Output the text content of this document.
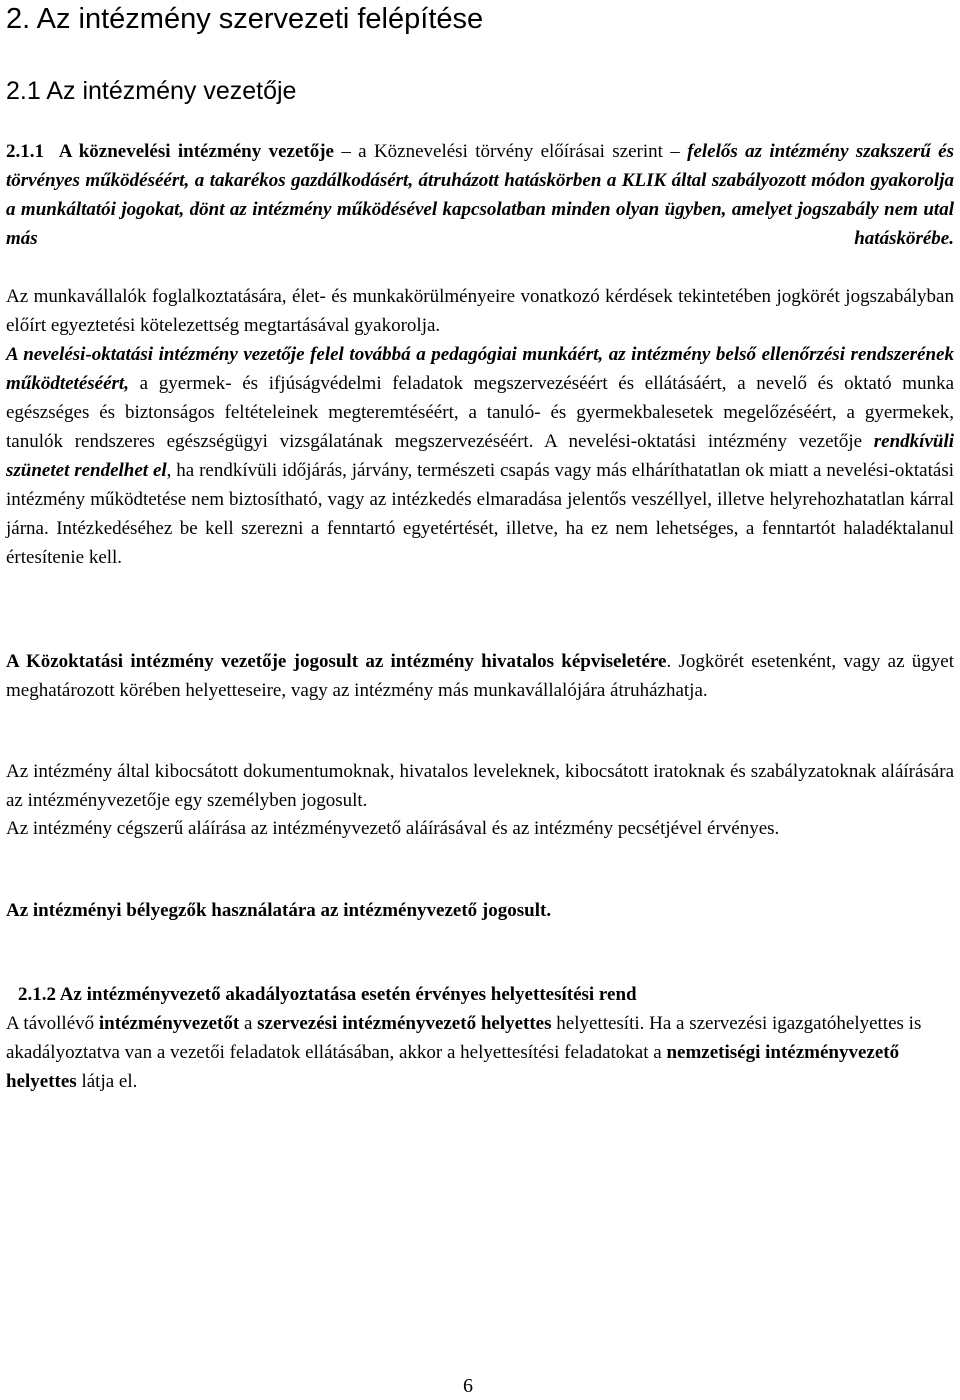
2. Az intézmény szervezeti felépítése
2.1 Az intézmény vezetője

2.1.1 A köznevelési intézmény vezetője – a Köznevelési törvény előírásai szerint – felelős az intézmény szakszerű és törvényes működéséért, a takarékos gazdálkodásért, átruházott hatáskörben a KLIK által szabályozott módon gyakorolja a munkáltatói jogokat, dönt az intézmény működésével kapcsolatban minden olyan ügyben, amelyet jogszabály nem utal más hatáskörébe.

Az munkavállalók foglalkoztatására, élet- és munkakörülményeire vonatkozó kérdések tekintetében jogkörét jogszabályban előírt egyeztetési kötelezettség megtartásával gyakorolja.

A nevelési-oktatási intézmény vezetője felel továbbá a pedagógiai munkáért, az intézmény belső ellenőrzési rendszerének működtetéséért, a gyermek- és ifjúságvédelmi feladatok megszervezéséért és ellátásáért, a nevelő és oktató munka egészséges és biztonságos feltételeinek megteremtéséért, a tanuló- és gyermekbalesetek megelőzéséért, a gyermekek, tanulók rendszeres egészségügyi vizsgálatának megszervezéséért. A nevelési-oktatási intézmény vezetője rendkívüli szünetet rendelhet el, ha rendkívüli időjárás, járvány, természeti csapás vagy más elháríthatatlan ok miatt a nevelési-oktatási intézmény működtetése nem biztosítható, vagy az intézkedés elmaradása jelentős veszéllyel, illetve helyrehozhatatlan kárral járna. Intézkedéséhez be kell szerezni a fenntartó egyetértését, illetve, ha ez nem lehetséges, a fenntartót haladéktalanul értesítenie kell.

A Közoktatási intézmény vezetője jogosult az intézmény hivatalos képviseletére. Jogkörét esetenként, vagy az ügyet meghatározott körében helyetteseire, vagy az intézmény más munkavállalójára átruházhatja.

Az intézmény által kibocsátott dokumentumoknak, hivatalos leveleknek, kibocsátott iratoknak és szabályzatoknak aláírására az intézményvezetője egy személyben jogosult.

Az intézmény cégszerű aláírása az intézményvezető aláírásával és az intézmény pecsétjével érvényes.

Az intézményi bélyegzők használatára az intézményvezető jogosult.

2.1.2 Az intézményvezető akadályoztatása esetén érvényes helyettesítési rend

A távollévő intézményvezetőt a szervezési intézményvezető helyettes helyettesíti. Ha a szervezési igazgatóhelyettes is akadályoztatva van a vezetői feladatok ellátásában, akkor a helyettesítési feladatokat a nemzetiségi intézményvezető helyettes látja el.

6
